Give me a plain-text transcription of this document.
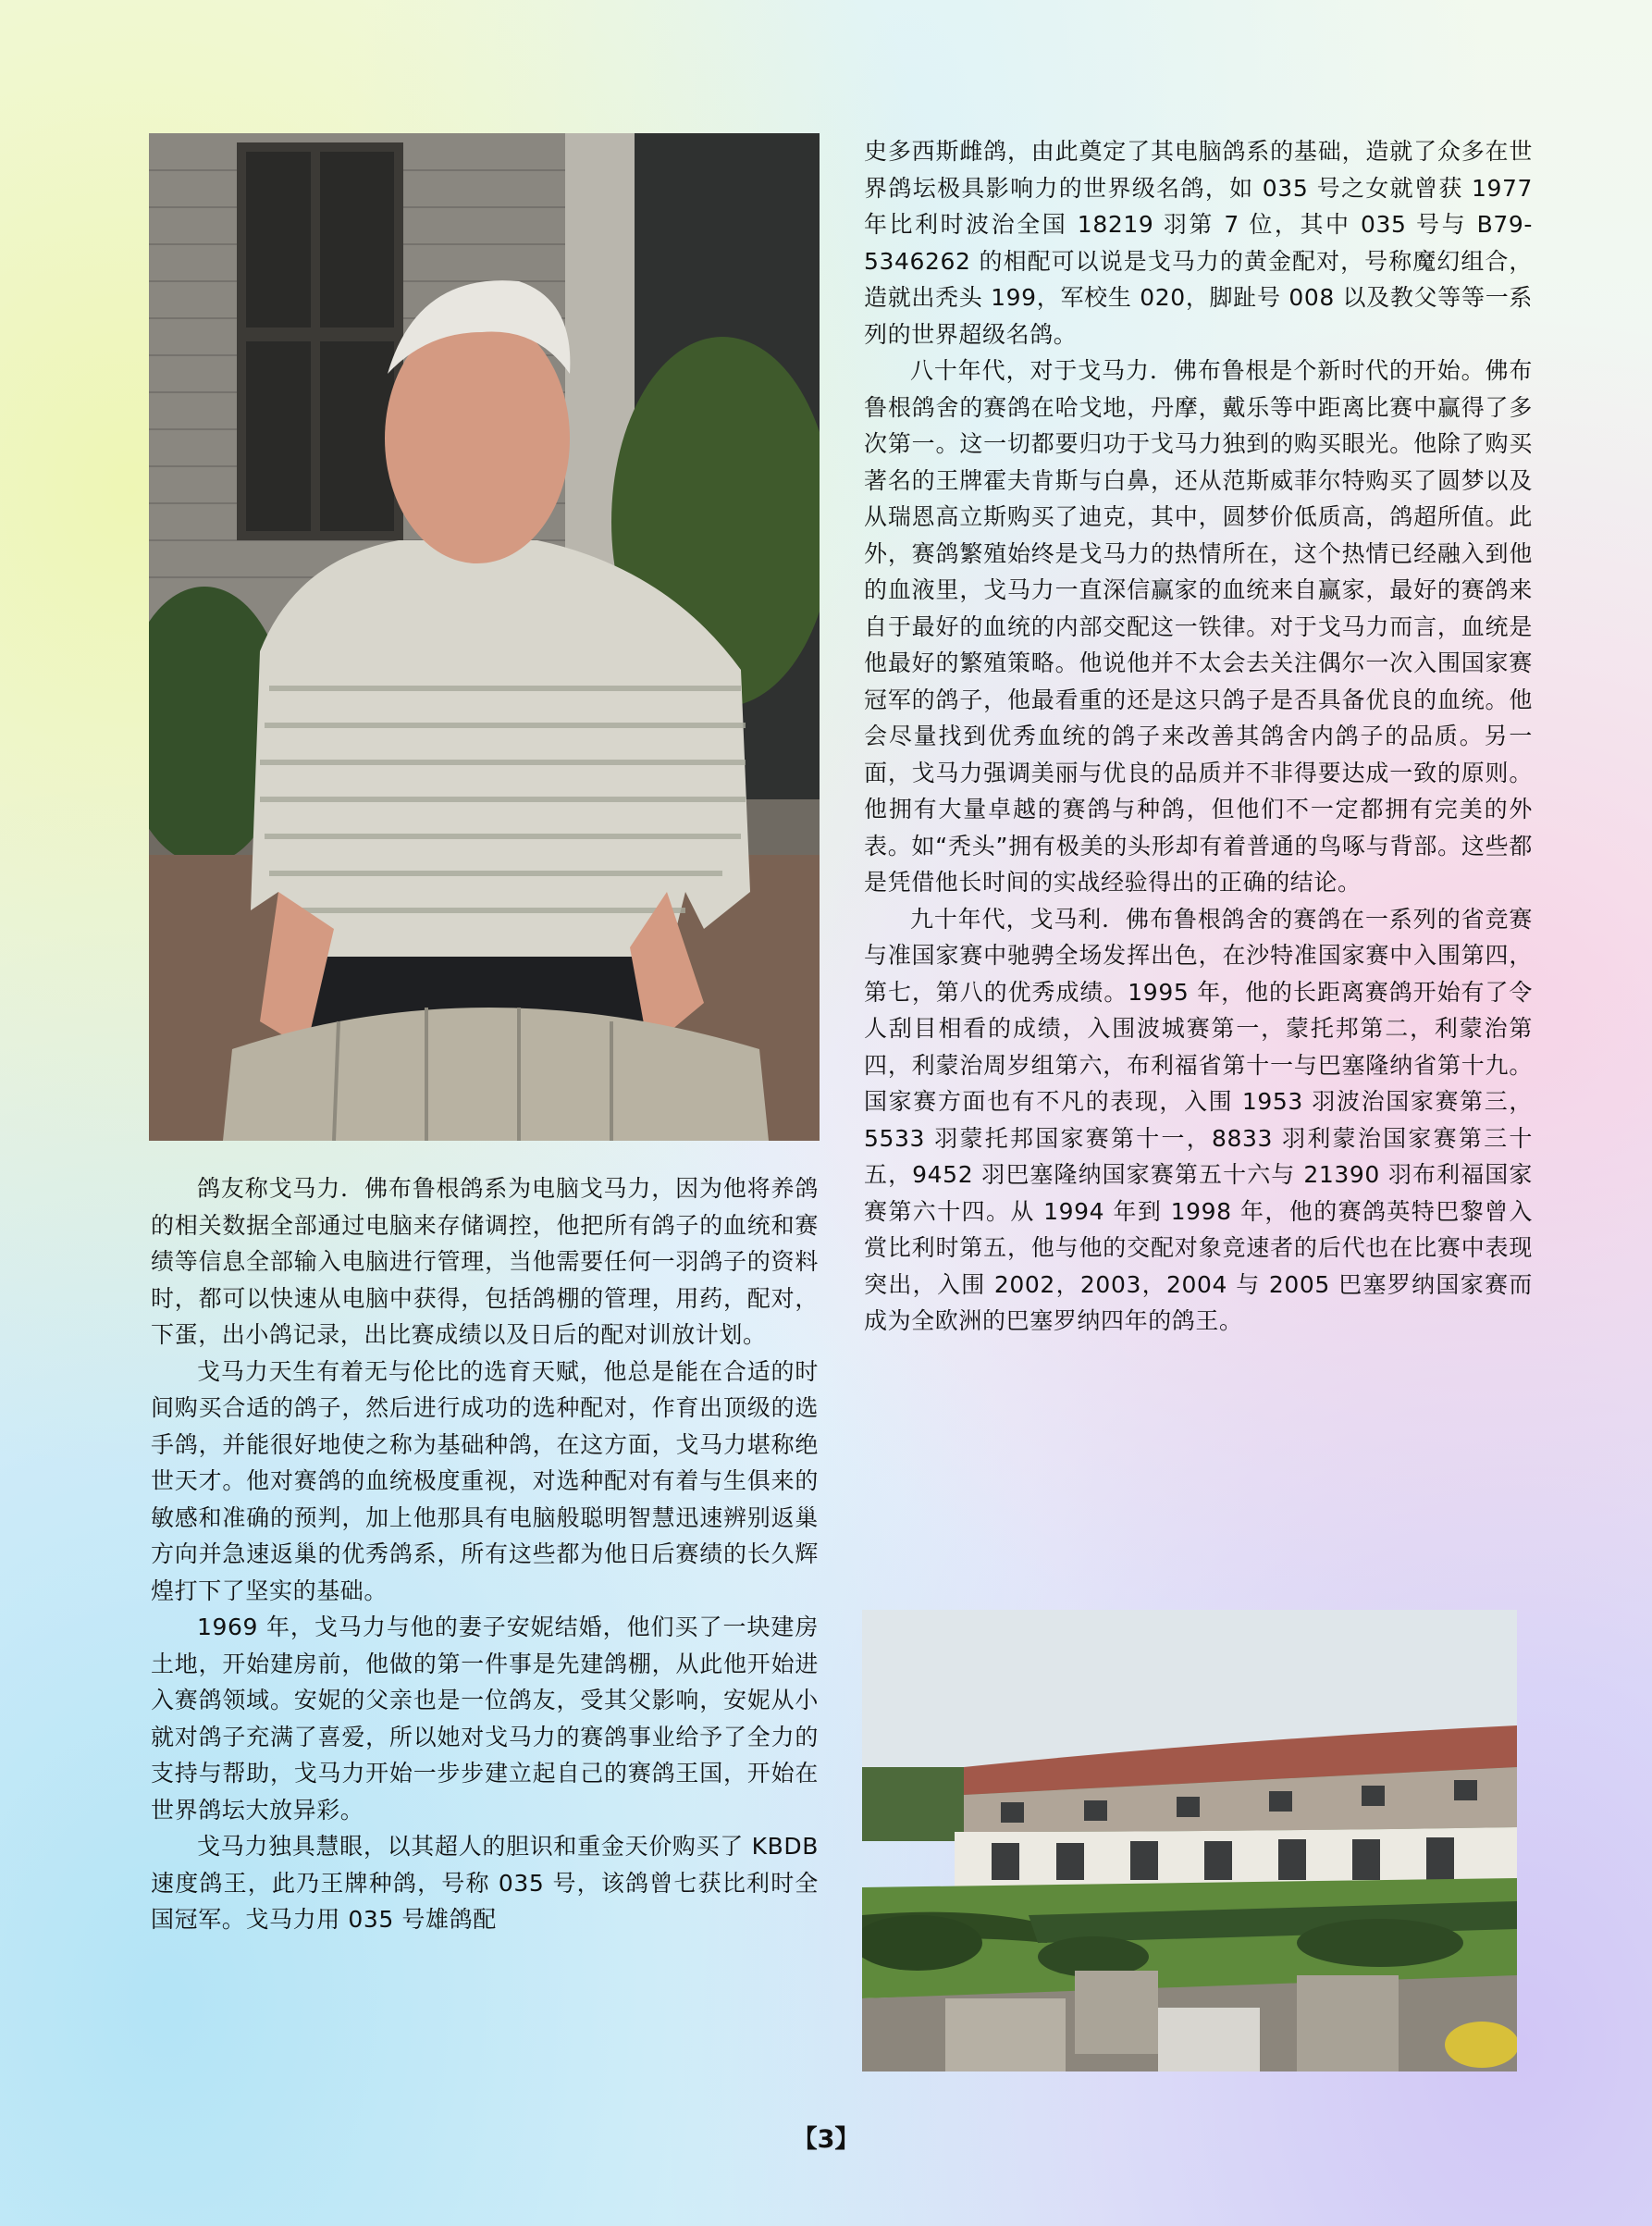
鸽友称戈马力．佛布鲁根鸽系为电脑戈马力，因为他将养鸽的相关数据全部通过电脑来存储调控，他把所有鸽子的血统和赛绩等信息全部输入电脑进行管理，当他需要任何一羽鸽子的资料时，都可以快速从电脑中获得，包括鸽棚的管理，用药，配对，下蛋，出小鸽记录，出比赛成绩以及日后的配对训放计划。

戈马力天生有着无与伦比的选育天赋，他总是能在合适的时间购买合适的鸽子，然后进行成功的选种配对，作育出顶级的选手鸽，并能很好地使之称为基础种鸽，在这方面，戈马力堪称绝世天才。他对赛鸽的血统极度重视，对选种配对有着与生俱来的敏感和准确的预判，加上他那具有电脑般聪明智慧迅速辨别返巢方向并急速返巢的优秀鸽系，所有这些都为他日后赛绩的长久辉煌打下了坚实的基础。

1969 年，戈马力与他的妻子安妮结婚，他们买了一块建房土地，开始建房前，他做的第一件事是先建鸽棚，从此他开始进入赛鸽领域。安妮的父亲也是一位鸽友，受其父影响，安妮从小就对鸽子充满了喜爱，所以她对戈马力的赛鸽事业给予了全力的支持与帮助，戈马力开始一步步建立起自己的赛鸽王国，开始在世界鸽坛大放异彩。

戈马力独具慧眼，以其超人的胆识和重金天价购买了 KBDB 速度鸽王，此乃王牌种鸽，号称 035 号，该鸽曾七获比利时全国冠军。戈马力用 035 号雄鸽配

史多西斯雌鸽，由此奠定了其电脑鸽系的基础，造就了众多在世界鸽坛极具影响力的世界级名鸽，如 035 号之女就曾获 1977 年比利时波治全国 18219 羽第 7 位，其中 035 号与 B79-5346262 的相配可以说是戈马力的黄金配对，号称魔幻组合，造就出秃头 199，军校生 020，脚趾号 008 以及教父等等一系列的世界超级名鸽。

八十年代，对于戈马力．佛布鲁根是个新时代的开始。佛布鲁根鸽舍的赛鸽在哈戈地，丹摩，戴乐等中距离比赛中赢得了多次第一。这一切都要归功于戈马力独到的购买眼光。他除了购买著名的王牌霍夫肯斯与白鼻，还从范斯威菲尔特购买了圆梦以及从瑞恩高立斯购买了迪克，其中，圆梦价低质高，鸽超所值。此外，赛鸽繁殖始终是戈马力的热情所在，这个热情已经融入到他的血液里，戈马力一直深信赢家的血统来自赢家，最好的赛鸽来自于最好的血统的内部交配这一铁律。对于戈马力而言，血统是他最好的繁殖策略。他说他并不太会去关注偶尔一次入围国家赛冠军的鸽子，他最看重的还是这只鸽子是否具备优良的血统。他会尽量找到优秀血统的鸽子来改善其鸽舍内鸽子的品质。另一面，戈马力强调美丽与优良的品质并不非得要达成一致的原则。他拥有大量卓越的赛鸽与种鸽，但他们不一定都拥有完美的外表。如“秃头”拥有极美的头形却有着普通的鸟啄与背部。这些都是凭借他长时间的实战经验得出的正确的结论。

九十年代，戈马利．佛布鲁根鸽舍的赛鸽在一系列的省竞赛与准国家赛中驰骋全场发挥出色，在沙特准国家赛中入围第四，第七，第八的优秀成绩。1995 年，他的长距离赛鸽开始有了令人刮目相看的成绩，入围波城赛第一，蒙托邦第二，利蒙治第四，利蒙治周岁组第六，布利福省第十一与巴塞隆纳省第十九。国家赛方面也有不凡的表现，入围 1953 羽波治国家赛第三，5533 羽蒙托邦国家赛第十一，8833 羽利蒙治国家赛第三十五，9452 羽巴塞隆纳国家赛第五十六与 21390 羽布利福国家赛第六十四。从 1994 年到 1998 年，他的赛鸽英特巴黎曾入赏比利时第五，他与他的交配对象竞速者的后代也在比赛中表现突出，入围 2002，2003，2004 与 2005 巴塞罗纳国家赛而成为全欧洲的巴塞罗纳四年的鸽王。

【3】
